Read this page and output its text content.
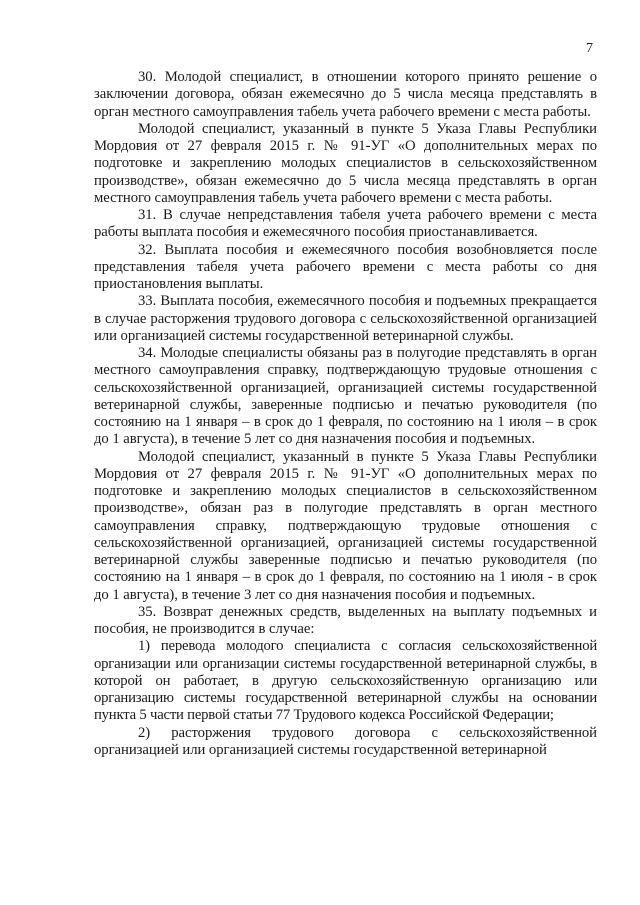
7

30. Молодой специалист, в отношении которого принято решение о заключении договора, обязан ежемесячно до 5 числа месяца представлять в орган местного самоуправления табель учета рабочего времени с места работы.

Молодой специалист, указанный в пункте 5 Указа Главы Республики Мордовия от 27 февраля 2015 г. № 91-УГ «О дополнительных мерах по подготовке и закреплению молодых специалистов в сельскохозяйственном производстве», обязан ежемесячно до 5 числа месяца представлять в орган местного самоуправления табель учета рабочего времени с места работы.

31. В случае непредставления табеля учета рабочего времени с места работы выплата пособия и ежемесячного пособия приостанавливается.

32. Выплата пособия и ежемесячного пособия возобновляется после представления табеля учета рабочего времени с места работы со дня приостановления выплаты.

33. Выплата пособия, ежемесячного пособия и подъемных прекращается в случае расторжения трудового договора с сельскохозяйственной организацией или организацией системы государственной ветеринарной службы.

34. Молодые специалисты обязаны раз в полугодие представлять в орган местного самоуправления справку, подтверждающую трудовые отношения с сельскохозяйственной организацией, организацией системы государственной ветеринарной службы, заверенные подписью и печатью руководителя (по состоянию на 1 января – в срок до 1 февраля, по состоянию на 1 июля – в срок до 1 августа), в течение 5 лет со дня назначения пособия и подъемных.

Молодой специалист, указанный в пункте 5 Указа Главы Республики Мордовия от 27 февраля 2015 г. № 91-УГ «О дополнительных мерах по подготовке и закреплению молодых специалистов в сельскохозяйственном производстве», обязан раз в полугодие представлять в орган местного самоуправления справку, подтверждающую трудовые отношения с сельскохозяйственной организацией, организацией системы государственной ветеринарной службы заверенные подписью и печатью руководителя (по состоянию на 1 января – в срок до 1 февраля, по состоянию на 1 июля - в срок до 1 августа), в течение 3 лет со дня назначения пособия и подъемных.

35. Возврат денежных средств, выделенных на выплату подъемных и пособия, не производится в случае:

1) перевода молодого специалиста с согласия сельскохозяйственной организации или организации системы государственной ветеринарной службы, в которой он работает, в другую сельскохозяйственную организацию или организацию системы государственной ветеринарной службы на основании пункта 5 части первой статьи 77 Трудового кодекса Российской Федерации;

2) расторжения трудового договора с сельскохозяйственной организацией или организацией системы государственной ветеринарной
